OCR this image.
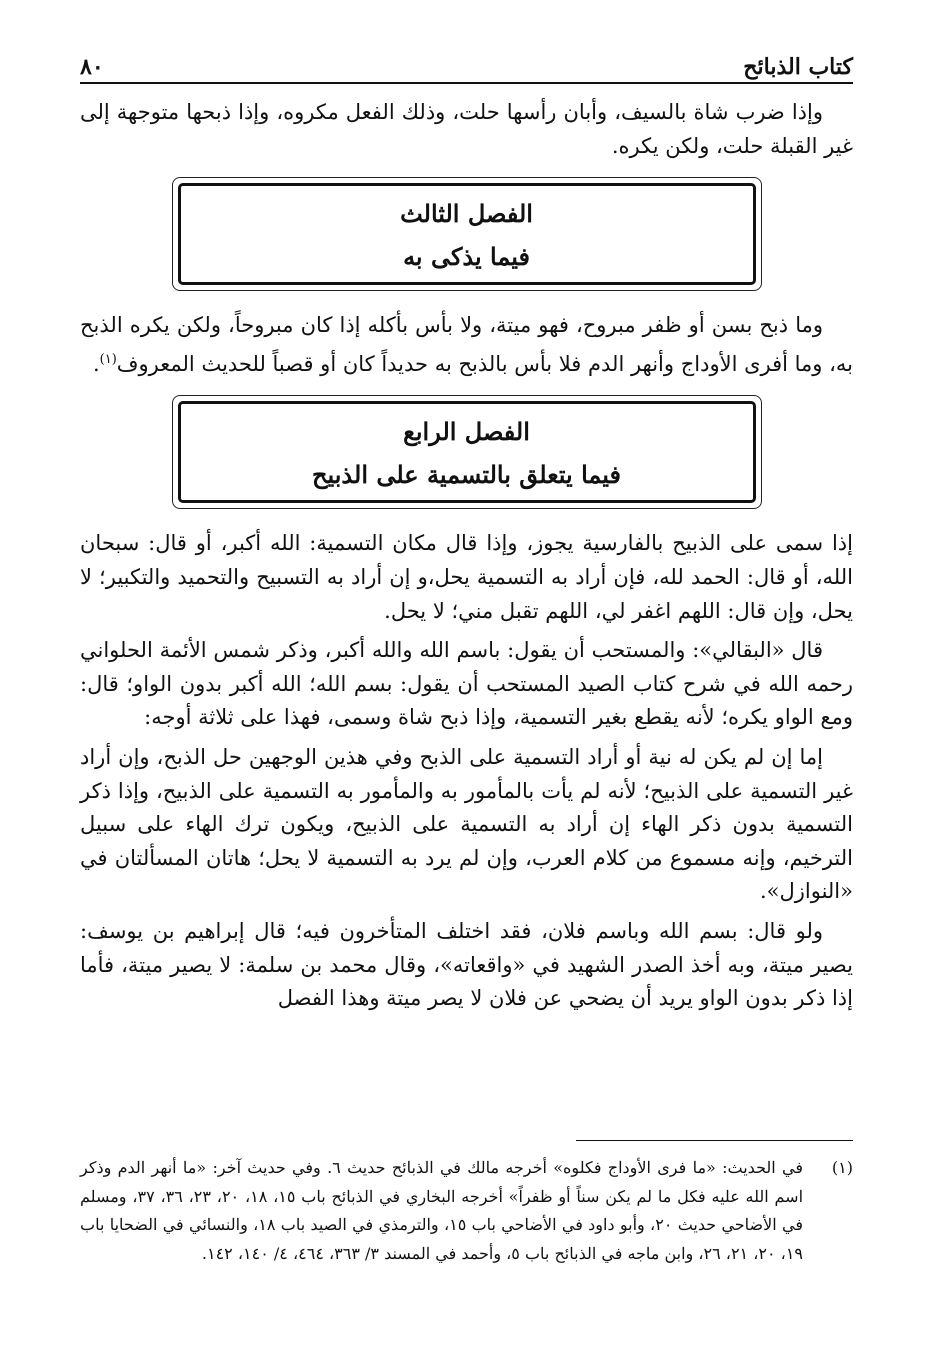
كتاب الذبائح
٨٠

وإذا ضرب شاة بالسيف، وأبان رأسها حلت، وذلك الفعل مكروه، وإذا ذبحها متوجهة إلى غير القبلة حلت، ولكن يكره.

الفصل الثالث
فيما يذكى به

وما ذبح بسن أو ظفر مبروح، فهو ميتة، ولا بأس بأكله إذا كان مبروحاً، ولكن يكره الذبح به، وما أفرى الأوداج وأنهر الدم فلا بأس بالذبح به حديداً كان أو قصباً للحديث المعروف$^{(١)}$.

الفصل الرابع
فيما يتعلق بالتسمية على الذبيح

إذا سمى على الذبيح بالفارسية يجوز، وإذا قال مكان التسمية: الله أكبر، أو قال: سبحان الله، أو قال: الحمد لله، فإن أراد به التسمية يحل،و إن أراد به التسبيح والتحميد والتكبير؛ لا يحل، وإن قال: اللهم اغفر لي، اللهم تقبل مني؛ لا يحل.

قال «البقالي»: والمستحب أن يقول: باسم الله والله أكبر، وذكر شمس الأئمة الحلواني رحمه الله في شرح كتاب الصيد المستحب أن يقول: بسم الله؛ الله أكبر بدون الواو؛ قال: ومع الواو يكره؛ لأنه يقطع بغير التسمية، وإذا ذبح شاة وسمى، فهذا على ثلاثة أوجه:

إما إن لم يكن له نية أو أراد التسمية على الذبح وفي هذين الوجهين حل الذبح، وإن أراد غير التسمية على الذبيح؛ لأنه لم يأت بالمأمور به والمأمور به التسمية على الذبيح، وإذا ذكر التسمية بدون ذكر الهاء إن أراد به التسمية على الذبيح، ويكون ترك الهاء على سبيل الترخيم، وإنه مسموع من كلام العرب، وإن لم يرد به التسمية لا يحل؛ هاتان المسألتان في «النوازل».

ولو قال: بسم الله وباسم فلان، فقد اختلف المتأخرون فيه؛ قال إبراهيم بن يوسف: يصير ميتة، وبه أخذ الصدر الشهيد في «واقعاته»، وقال محمد بن سلمة: لا يصير ميتة، فأما إذا ذكر بدون الواو يريد أن يضحي عن فلان لا يصر ميتة وهذا الفصل

(١)
في الحديث: «ما فرى الأوداج فكلوه» أخرجه مالك في الذبائح حديث ٦. وفي حديث آخر: «ما أنهر الدم وذكر اسم الله عليه فكل ما لم يكن سناً أو ظفراً» أخرجه البخاري في الذبائح باب ١٥، ١٨، ٢٠، ٢٣، ٣٦، ٣٧، ومسلم في الأضاحي حديث ٢٠، وأبو داود في الأضاحي باب ١٥، والترمذي في الصيد باب ١٨، والنسائي في الضحايا باب ١٩، ٢٠، ٢١، ٢٦، وابن ماجه في الذبائح باب ٥، وأحمد في المسند ٣/ ٣٦٣، ٤٦٤، ٤/ ١٤٠، ١٤٢.
